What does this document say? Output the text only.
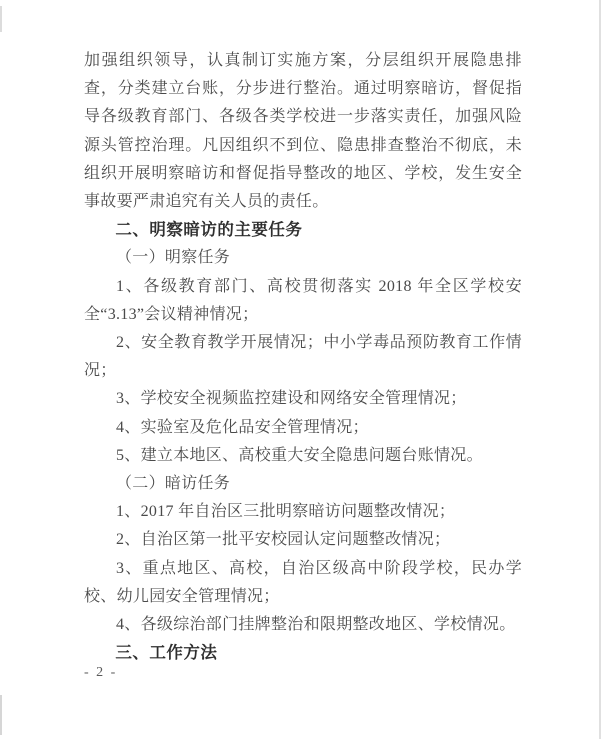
加强组织领导，认真制订实施方案，分层组织开展隐患排查，分类建立台账，分步进行整治。通过明察暗访，督促指导各级教育部门、各级各类学校进一步落实责任，加强风险源头管控治理。凡因组织不到位、隐患排查整治不彻底，未组织开展明察暗访和督促指导整改的地区、学校，发生安全事故要严肃追究有关人员的责任。

二、明察暗访的主要任务

（一）明察任务

1、各级教育部门、高校贯彻落实 2018 年全区学校安全“3.13”会议精神情况；

2、安全教育教学开展情况；中小学毒品预防教育工作情况；

3、学校安全视频监控建设和网络安全管理情况；

4、实验室及危化品安全管理情况；

5、建立本地区、高校重大安全隐患问题台账情况。

（二）暗访任务

1、2017 年自治区三批明察暗访问题整改情况；

2、自治区第一批平安校园认定问题整改情况；

3、重点地区、高校，自治区级高中阶段学校，民办学校、幼儿园安全管理情况；

4、各级综治部门挂牌整治和限期整改地区、学校情况。

三、工作方法

- 2 -
